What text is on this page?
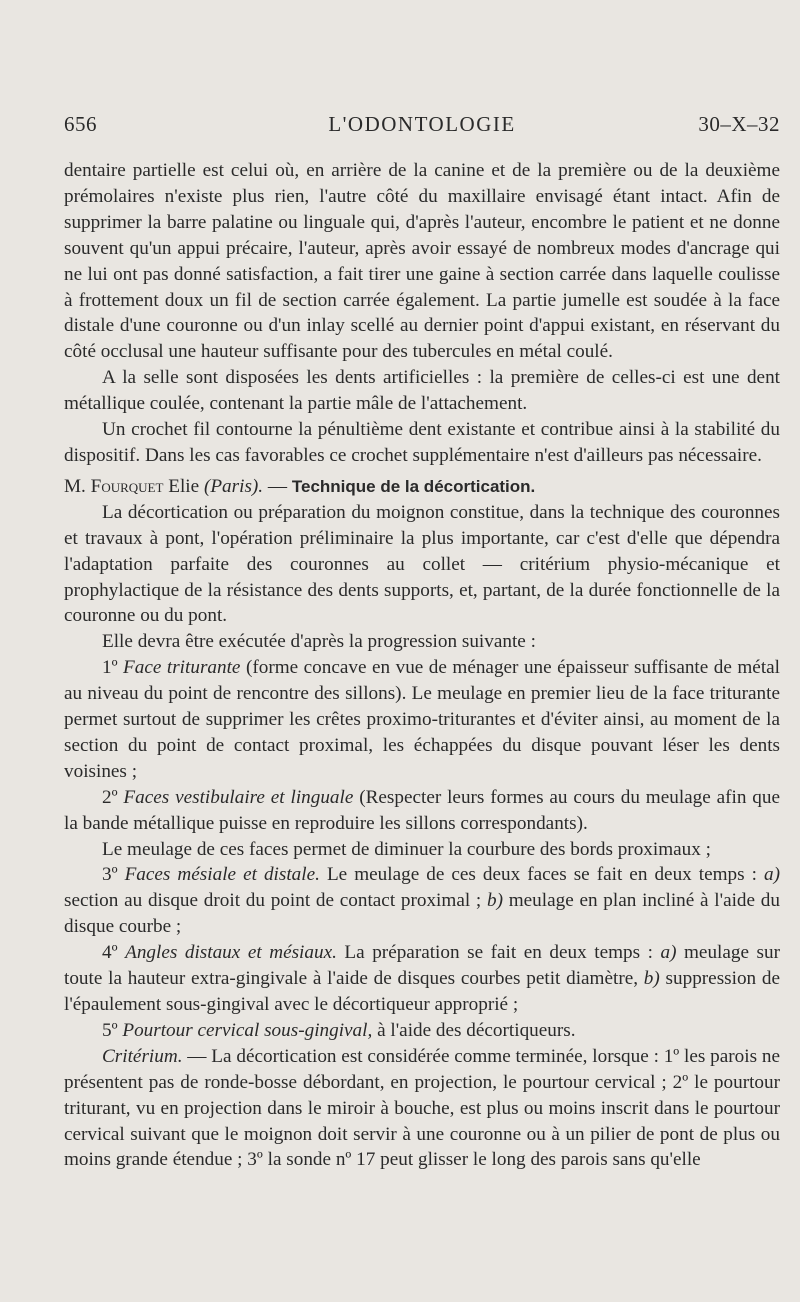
656	L'ODONTOLOGIE	30–X–32

dentaire partielle est celui où, en arrière de la canine et de la première ou de la deuxième prémolaires n'existe plus rien, l'autre côté du maxillaire envisagé étant intact. Afin de supprimer la barre palatine ou linguale qui, d'après l'auteur, encombre le patient et ne donne souvent qu'un appui précaire, l'auteur, après avoir essayé de nombreux modes d'ancrage qui ne lui ont pas donné satisfaction, a fait tirer une gaine à section carrée dans laquelle coulisse à frottement doux un fil de section carrée également. La partie jumelle est soudée à la face distale d'une couronne ou d'un inlay scellé au dernier point d'appui existant, en réservant du côté occlusal une hauteur suffisante pour des tubercules en métal coulé.

A la selle sont disposées les dents artificielles : la première de celles-ci est une dent métallique coulée, contenant la partie mâle de l'attachement.

Un crochet fil contourne la pénultième dent existante et contribue ainsi à la stabilité du dispositif. Dans les cas favorables ce crochet supplémentaire n'est d'ailleurs pas nécessaire.

M. Fourquet Elie (Paris). — Technique de la décortication.

La décortication ou préparation du moignon constitue, dans la technique des couronnes et travaux à pont, l'opération préliminaire la plus importante, car c'est d'elle que dépendra l'adaptation parfaite des couronnes au collet — critérium physio-mécanique et prophylactique de la résistance des dents supports, et, partant, de la durée fonctionnelle de la couronne ou du pont.

Elle devra être exécutée d'après la progression suivante :

1º Face triturante (forme concave en vue de ménager une épaisseur suffisante de métal au niveau du point de rencontre des sillons). Le meulage en premier lieu de la face triturante permet surtout de supprimer les crêtes proximo-triturantes et d'éviter ainsi, au moment de la section du point de contact proximal, les échappées du disque pouvant léser les dents voisines ;

2º Faces vestibulaire et linguale (Respecter leurs formes au cours du meulage afin que la bande métallique puisse en reproduire les sillons correspondants).

Le meulage de ces faces permet de diminuer la courbure des bords proximaux ;

3º Faces mésiale et distale. Le meulage de ces deux faces se fait en deux temps : a) section au disque droit du point de contact proximal ; b) meulage en plan incliné à l'aide du disque courbe ;

4º Angles distaux et mésiaux. La préparation se fait en deux temps : a) meulage sur toute la hauteur extra-gingivale à l'aide de disques courbes petit diamètre, b) suppression de l'épaulement sous-gingival avec le décortiqueur approprié ;

5º Pourtour cervical sous-gingival, à l'aide des décortiqueurs.

Critérium. — La décortication est considérée comme terminée, lorsque : 1º les parois ne présentent pas de ronde-bosse débordant, en projection, le pourtour cervical ; 2º le pourtour triturant, vu en projection dans le miroir à bouche, est plus ou moins inscrit dans le pourtour cervical suivant que le moignon doit servir à une couronne ou à un pilier de pont de plus ou moins grande étendue ; 3º la sonde nº 17 peut glisser le long des parois sans qu'elle
